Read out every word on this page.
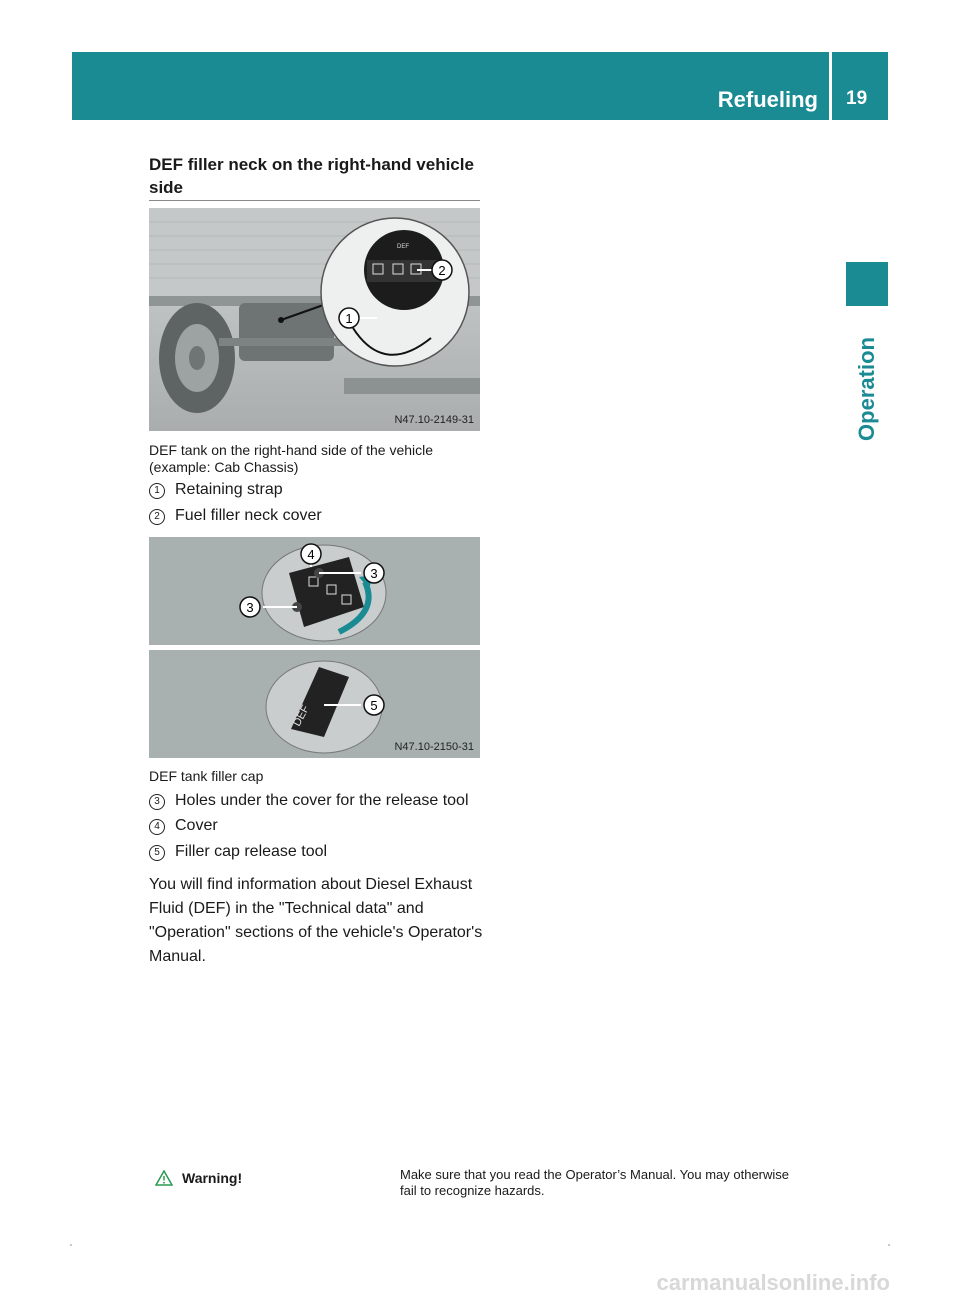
Refueling 19
Operation
DEF filler neck on the right-hand vehicle side
DEF
2
1
N47.10-2149-31
DEF tank on the right-hand side of the vehicle (example: Cab Chassis)
1 Retaining strap
2 Fuel filler neck cover
4
3
3
DEF	5
N47.10-2150-31
DEF tank filler cap
3 Holes under the cover for the release tool
4 Cover
5 Filler cap release tool
You will find information about Diesel Exhaust Fluid (DEF) in the "Technical data" and "Operation" sections of the vehicle's Operator's Manual.
Warning!	Make sure that you read the Operator’s Manual. You may otherwise fail to recognize hazards.
carmanualsonline.info
